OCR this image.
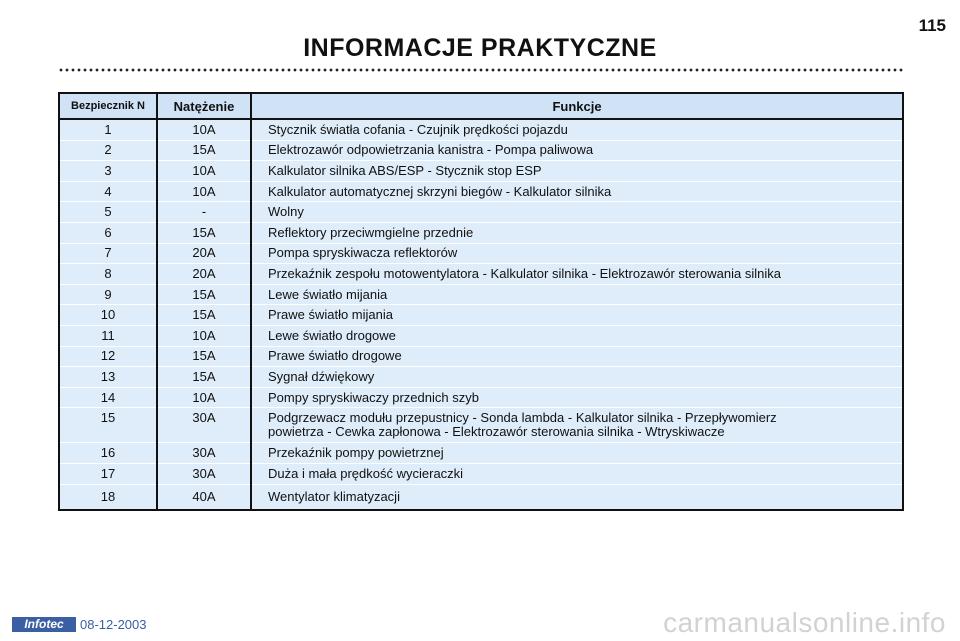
115
INFORMACJE PRAKTYCZNE
Bezpiecznik N	Natężenie	Funkcje
1	10A	Stycznik światła cofania - Czujnik prędkości pojazdu

2	15A	Elektrozawór odpowietrzania kanistra - Pompa paliwowa

3	10A	Kalkulator silnika ABS/ESP - Stycznik stop ESP

4	10A	Kalkulator automatycznej skrzyni biegów - Kalkulator silnika

5	-	Wolny

6	15A	Reflektory przeciwmgielne przednie

7	20A	Pompa spryskiwacza reflektorów

8	20A	Przekaźnik zespołu motowentylatora - Kalkulator silnika - Elektrozawór sterowania silnika

9	15A	Lewe światło mijania

10	15A	Prawe światło mijania

11	10A	Lewe światło drogowe

12	15A	Prawe światło drogowe

13	15A	Sygnał dźwiękowy

14	10A	Pompy spryskiwaczy przednich szyb

15	30A	Podgrzewacz modułu przepustnicy - Sonda lambda - Kalkulator silnika - Przepływomierz
powietrza - Cewka zapłonowa - Elektrozawór sterowania silnika - Wtryskiwacze

16	30A	Przekaźnik pompy powietrznej

17	30A	Duża i mała prędkość wycieraczki

18	40A	Wentylator klimatyzacji
Infotec	08-12-2003	carmanualsonline.info
